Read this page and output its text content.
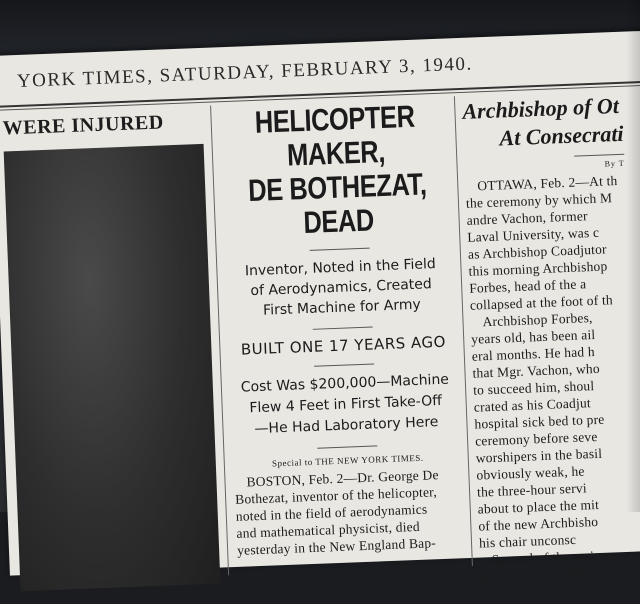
YORK TIMES, SATURDAY, FEBRUARY 3, 1940.
WERE INJURED	HELICOPTER MAKER,
DE BOTHEZAT, DEAD
Inventor, Noted in the Field
of Aerodynamics, Created
First Machine for Army
BUILT ONE 17 YEARS AGO
Cost Was $200,000—Machine
Flew 4 Feet in First Take-Off
—He Had Laboratory Here
Special to THE NEW YORK TIMES.

BOSTON, Feb. 2—Dr. George De

Bothezat, inventor of the helicopter,

noted in the field of aerodynamics

and mathematical physicist, died

yesterday in the New England Bap-

Archbishop of Ot
At Consecrati
By T

OTTAWA, Feb. 2—At th

the ceremony by which M

andre Vachon, former

Laval University, was c

as Archbishop Coadjutor

this morning Archbishop

Forbes, head of the a

collapsed at the foot of th

Archbishop Forbes,

years old, has been ail

eral months. He had h

that Mgr. Vachon, who

to succeed him, shoul

crated as his Coadjut

hospital sick bed to pre

ceremony before seve

worshipers in the basil

obviously weak, he

the three-hour servi

about to place the mit

of the new Archbisho

his chair unconsc

Several of the assi

rushed to his assista
